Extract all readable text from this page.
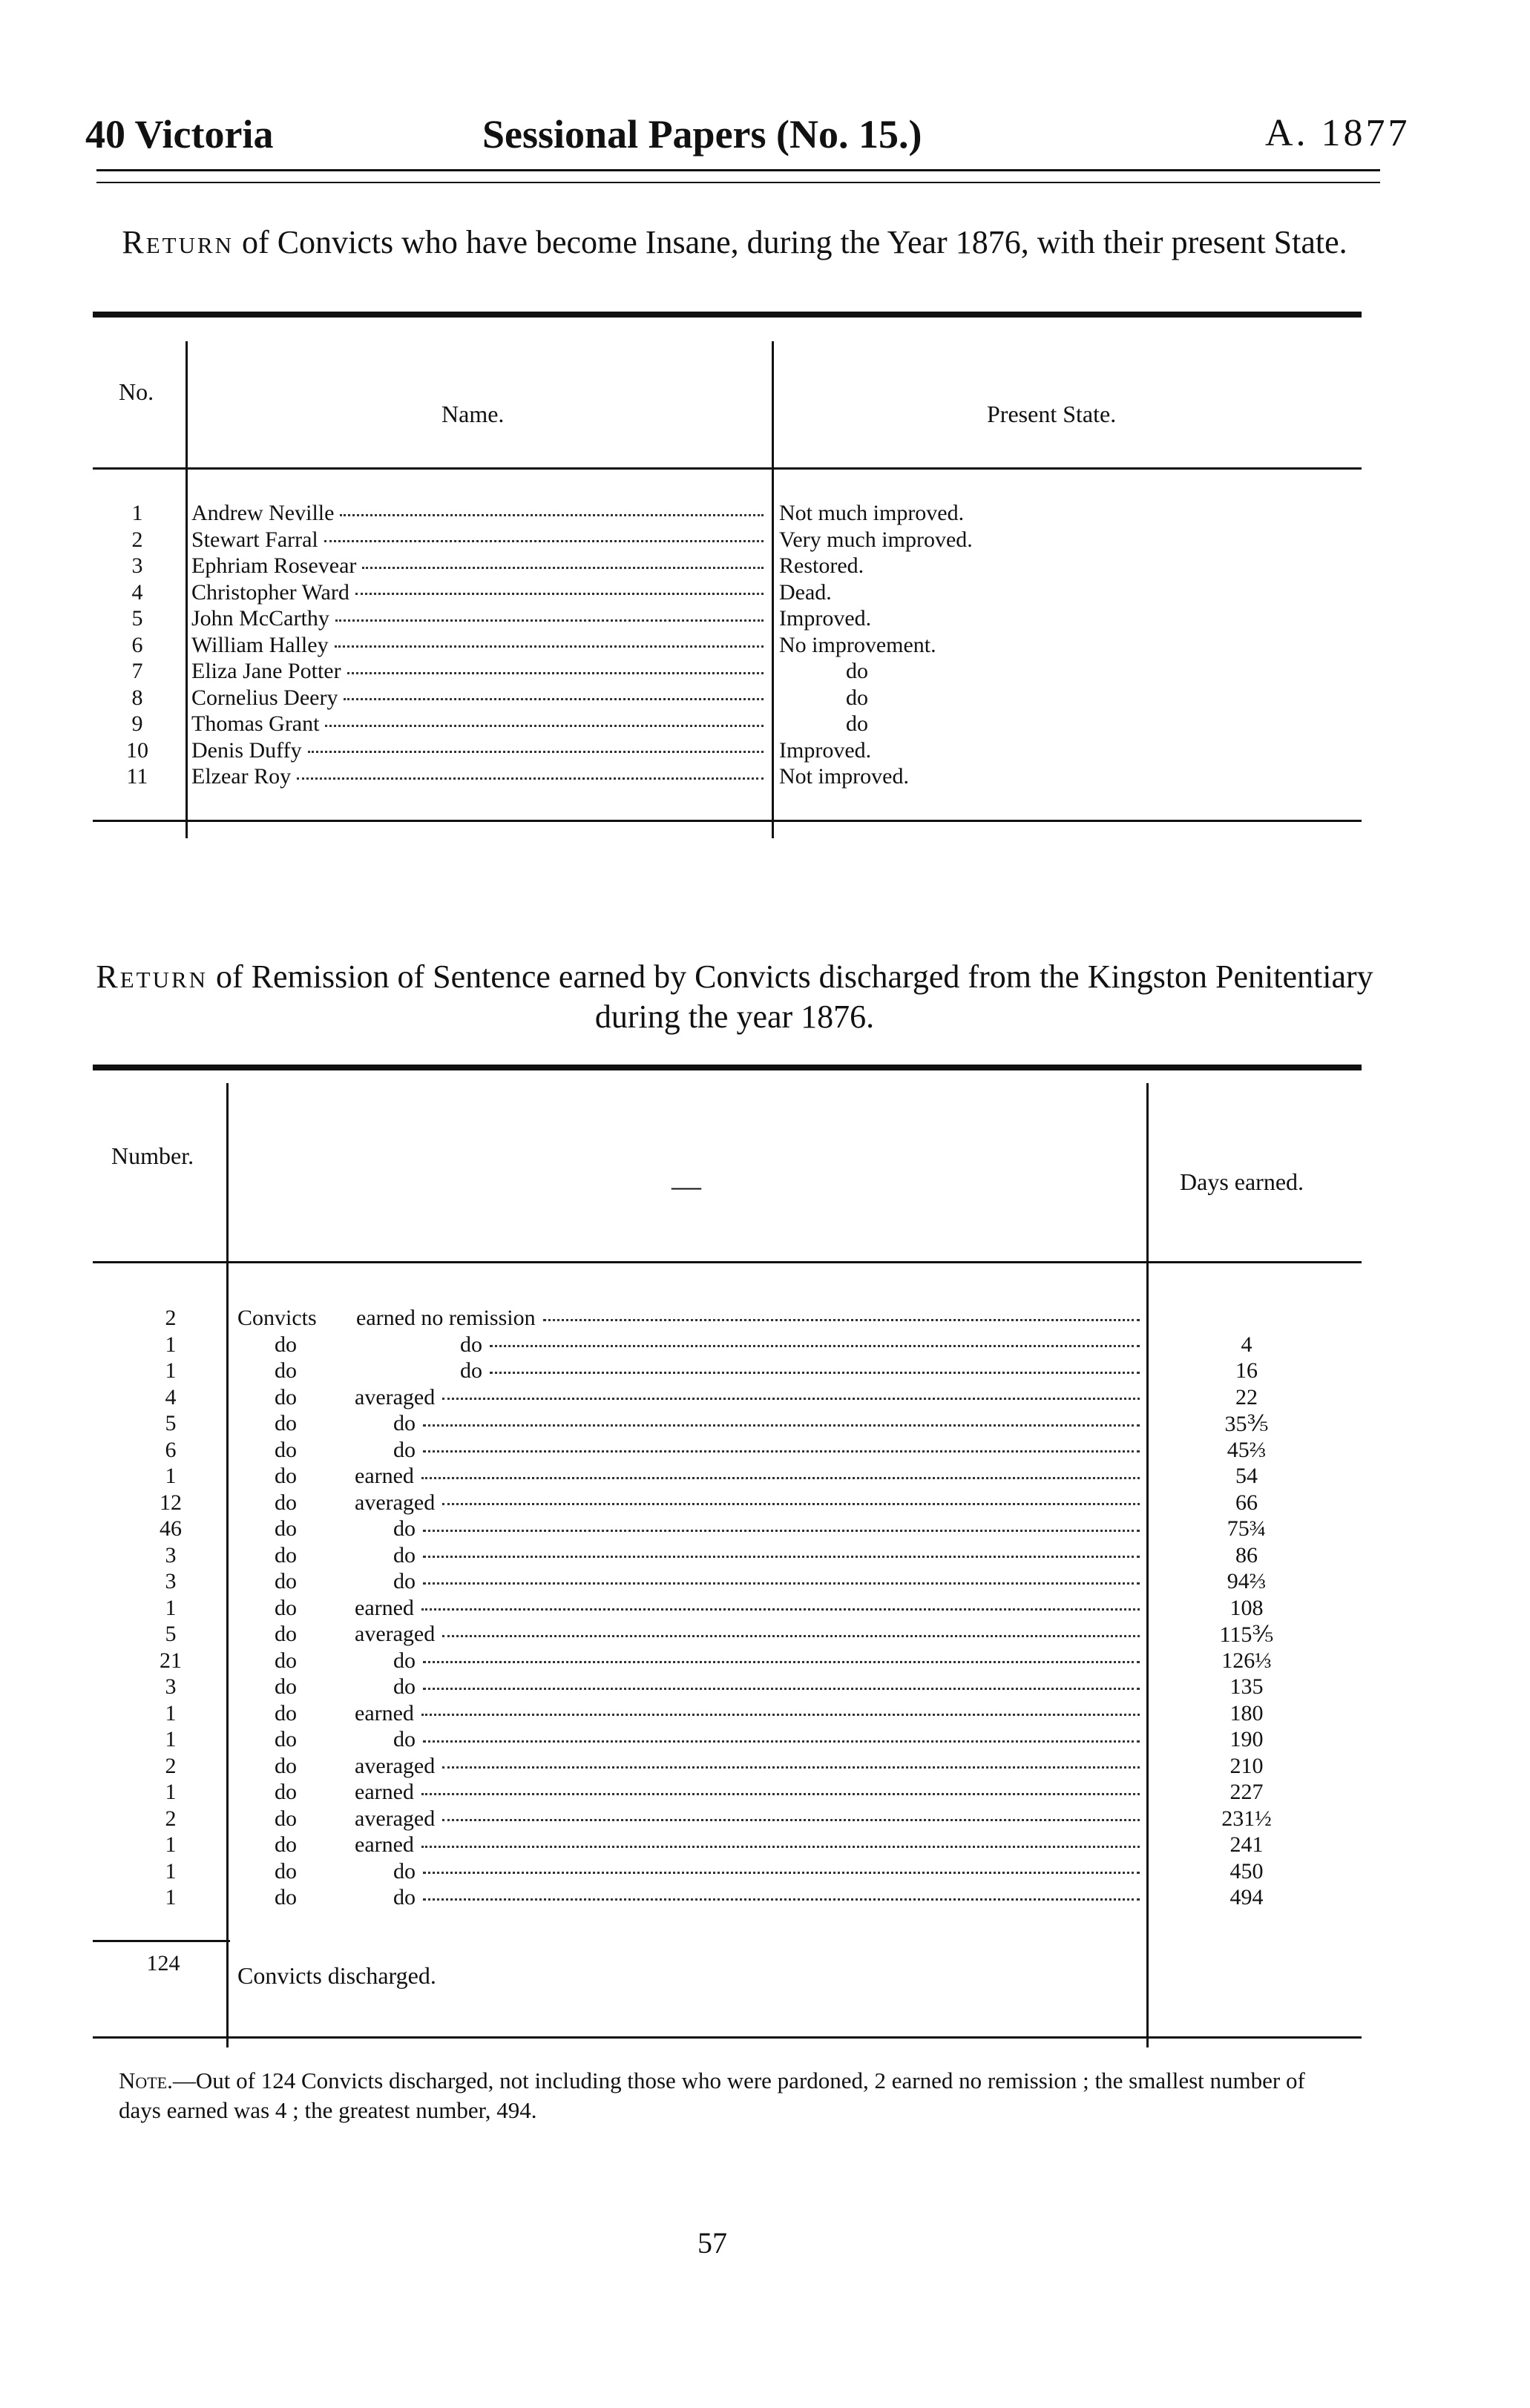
40 Victoria	Sessional Papers (No. 15.)	A. 1877
Return of Convicts who have become Insane, during the Year 1876, with their present State.
No.
Name.	Present State.
1	Andrew Neville	Not much improved.
2	Stewart Farral	Very much improved.
3	Ephriam Rosevear	Restored.
4	Christopher Ward	Dead.
5	John McCarthy	Improved.
6	William Halley	No improvement.
7	Eliza Jane Potter	do
8	Cornelius Deery	do
9	Thomas Grant	do
10	Denis Duffy	Improved.
11	Elzear Roy	Not improved.
Return of Remission of Sentence earned by Convicts discharged from the Kingston Penitentiary during the year 1876.
Number.
—	Days earned.
2	Convicts earned no remission
1	do	do	4
1	do	do	16
4	do	averaged	22
5	do	do	35⅗
6	do	do	45⅔
1	do	earned	54
12	do	averaged	66
46	do	do	75¾
3	do	do	86
3	do	do	94⅔
1	do	earned	108
5	do	averaged	115⅗
21	do	do	126⅓
3	do	do	135
1	do	earned	180
1	do	do	190
2	do	averaged	210
1	do	earned	227
2	do	averaged	231½
1	do	earned	241
1	do	do	450
1	do	do	494
124	Convicts discharged.
Note.—Out of 124 Convicts discharged, not including those who were pardoned, 2 earned no remission ; the smallest number of days earned was 4 ; the greatest number, 494.
57
